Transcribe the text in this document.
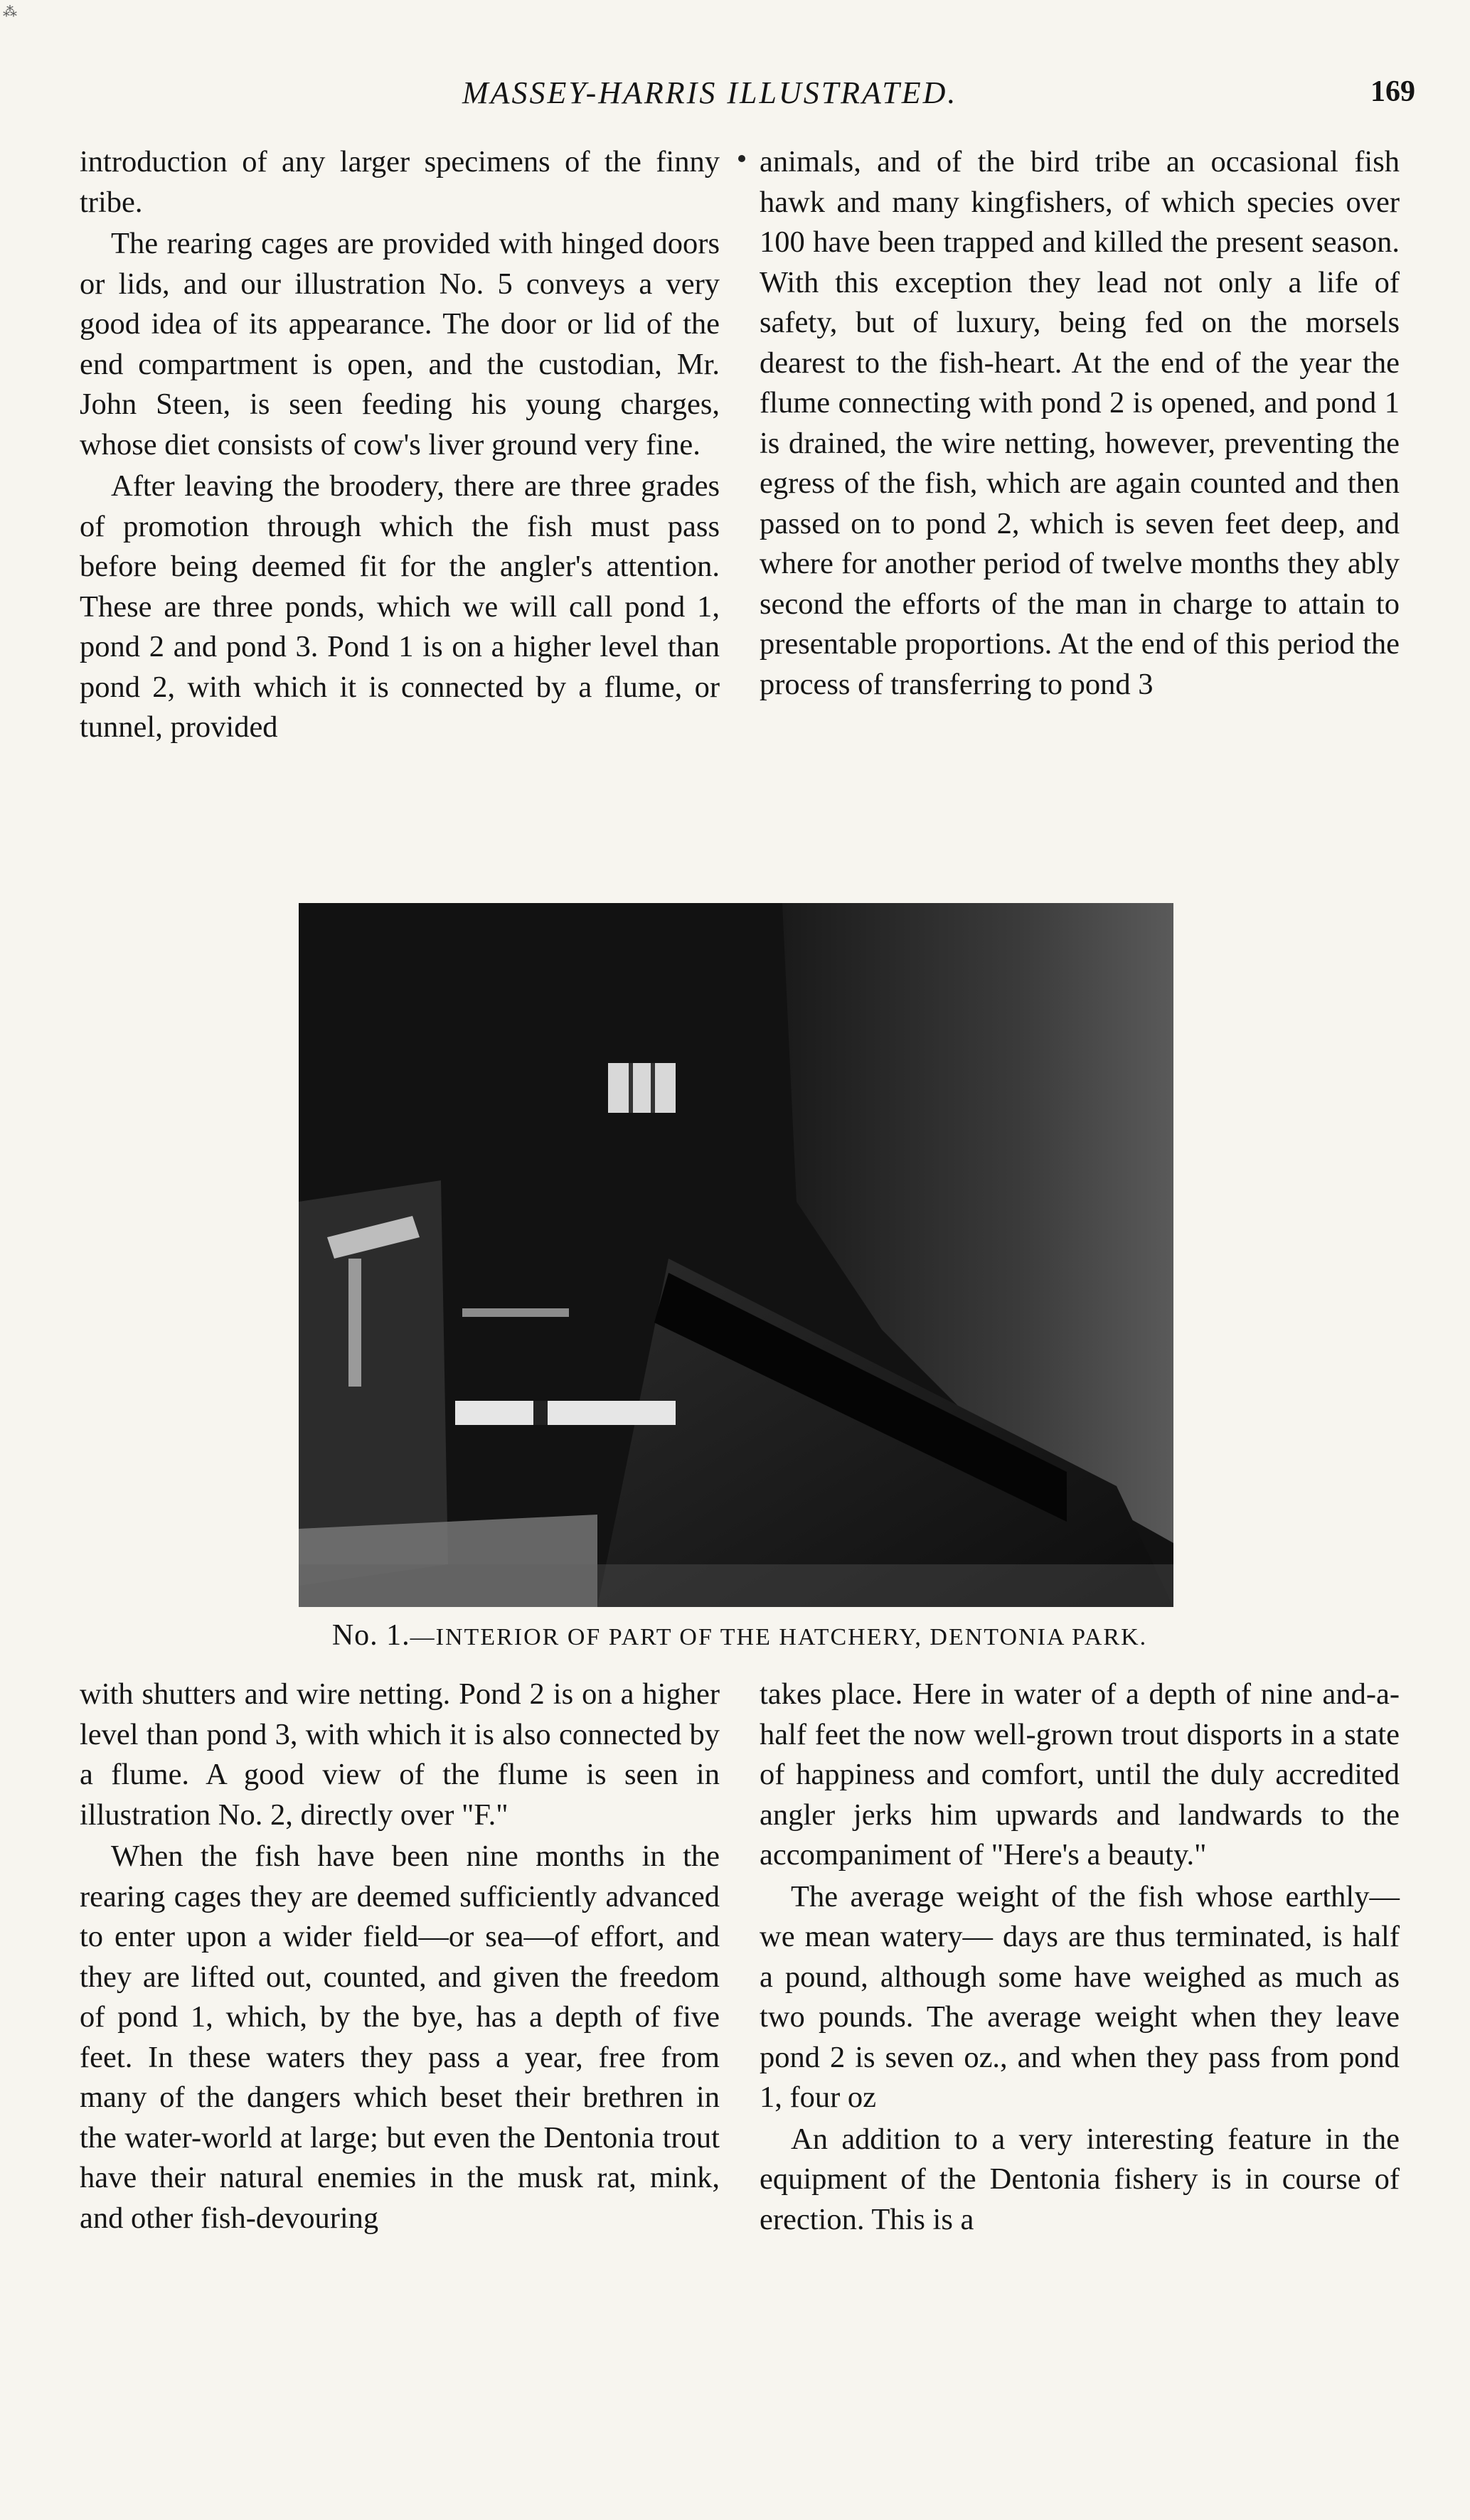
⁂
MASSEY-HARRIS ILLUSTRATED.	169

introduction of any larger specimens of the finny tribe.

The rearing cages are provided with hinged doors or lids, and our illustration No. 5 conveys a very good idea of its appearance. The door or lid of the end compartment is open, and the custodian, Mr. John Steen, is seen feeding his young charges, whose diet consists of cow's liver ground very fine.

After leaving the broodery, there are three grades of promotion through which the fish must pass before being deemed fit for the angler's attention. These are three ponds, which we will call pond 1, pond 2 and pond 3. Pond 1 is on a higher level than pond 2, with which it is connected by a flume, or tunnel, provided

animals, and of the bird tribe an occasional fish hawk and many kingfishers, of which species over 100 have been trapped and killed the present season. With this exception they lead not only a life of safety, but of luxury, being fed on the morsels dearest to the fish-heart. At the end of the year the flume connecting with pond 2 is opened, and pond 1 is drained, the wire netting, however, preventing the egress of the fish, which are again counted and then passed on to pond 2, which is seven feet deep, and where for another period of twelve months they ably second the efforts of the man in charge to attain to presentable proportions. At the end of this period the process of transferring to pond 3

No. 1.—INTERIOR OF PART OF THE HATCHERY, DENTONIA PARK.

with shutters and wire netting. Pond 2 is on a higher level than pond 3, with which it is also connected by a flume. A good view of the flume is seen in illustration No. 2, directly over "F."

When the fish have been nine months in the rearing cages they are deemed sufficiently advanced to enter upon a wider field—or sea—of effort, and they are lifted out, counted, and given the freedom of pond 1, which, by the bye, has a depth of five feet. In these waters they pass a year, free from many of the dangers which beset their brethren in the water-world at large; but even the Dentonia trout have their natural enemies in the musk rat, mink, and other fish-devouring

takes place. Here in water of a depth of nine and-a-half feet the now well-grown trout disports in a state of happiness and comfort, until the duly accredited angler jerks him upwards and landwards to the accompaniment of "Here's a beauty."

The average weight of the fish whose earthly— we mean watery— days are thus terminated, is half a pound, although some have weighed as much as two pounds. The average weight when they leave pond 2 is seven oz., and when they pass from pond 1, four oz

An addition to a very interesting feature in the equipment of the Dentonia fishery is in course of erection. This is a
